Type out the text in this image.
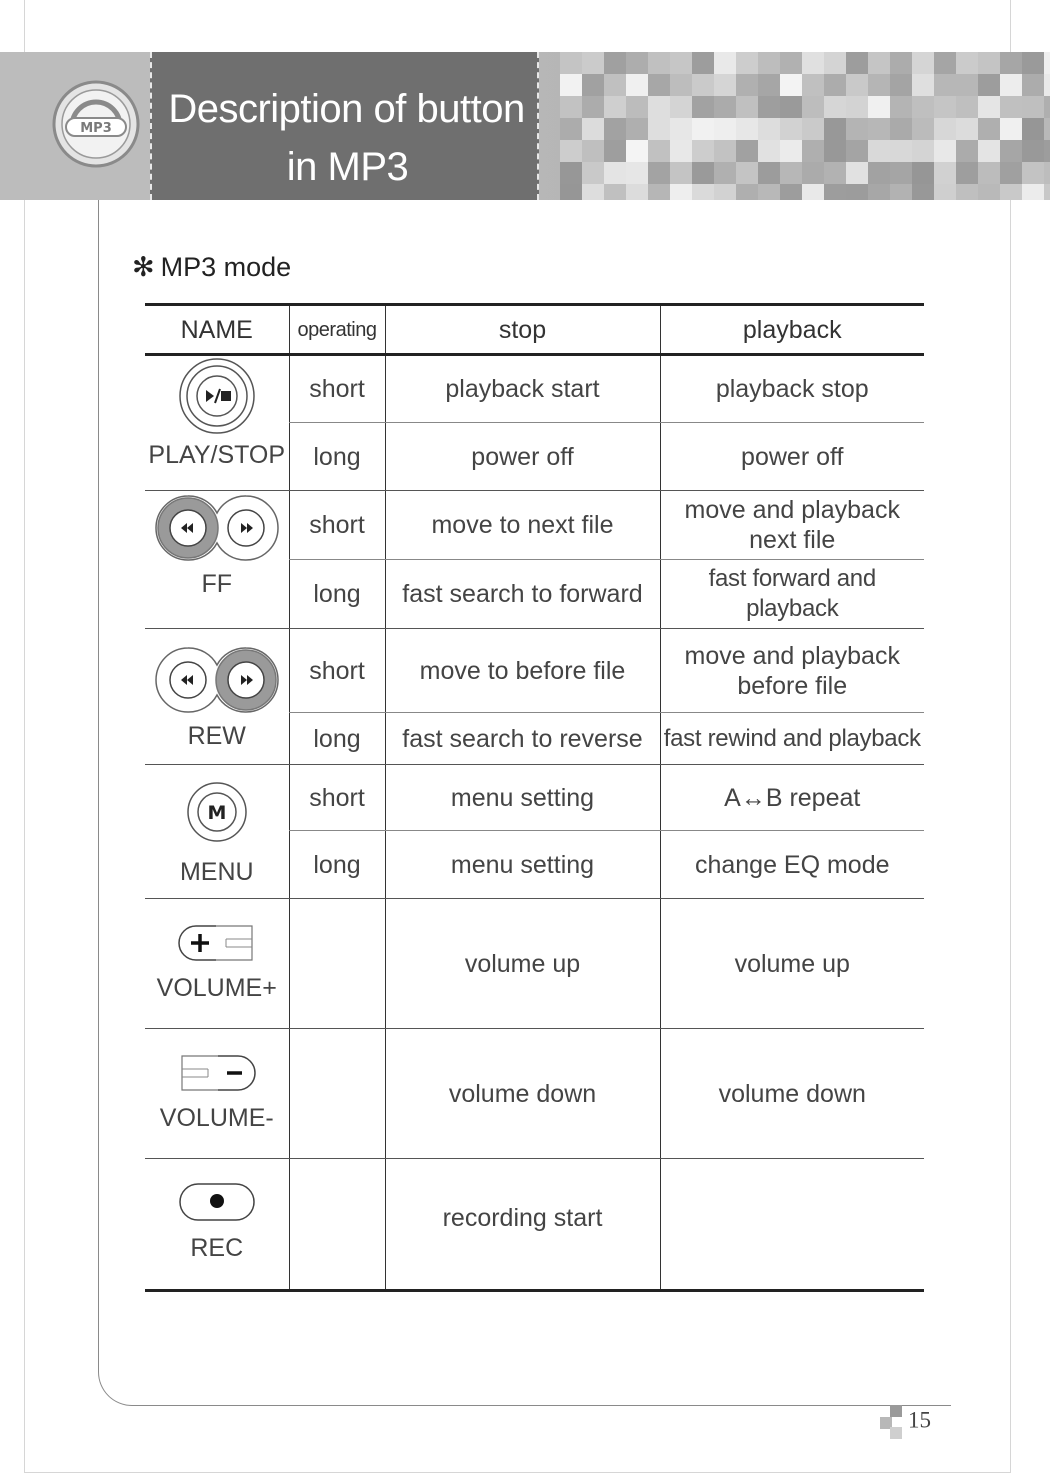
Description of button
in MP3
MP3
✻ MP3 mode
NAME	operating	stop	playback

PLAY/STOP	short	playback start	playback stop
	long	power off	power off

FF	short	move to next file	move and playback
next file
	long	fast search to forward	fast forward and playback

REW	short	move to before file	move and playback
before file
	long	fast search to reverse	fast rewind and playback

M
MENU	short	menu setting	A↔B repeat
	long	menu setting	change EQ mode

VOLUME+		volume up	volume up

VOLUME-		volume down	volume down

REC		recording start	
15
